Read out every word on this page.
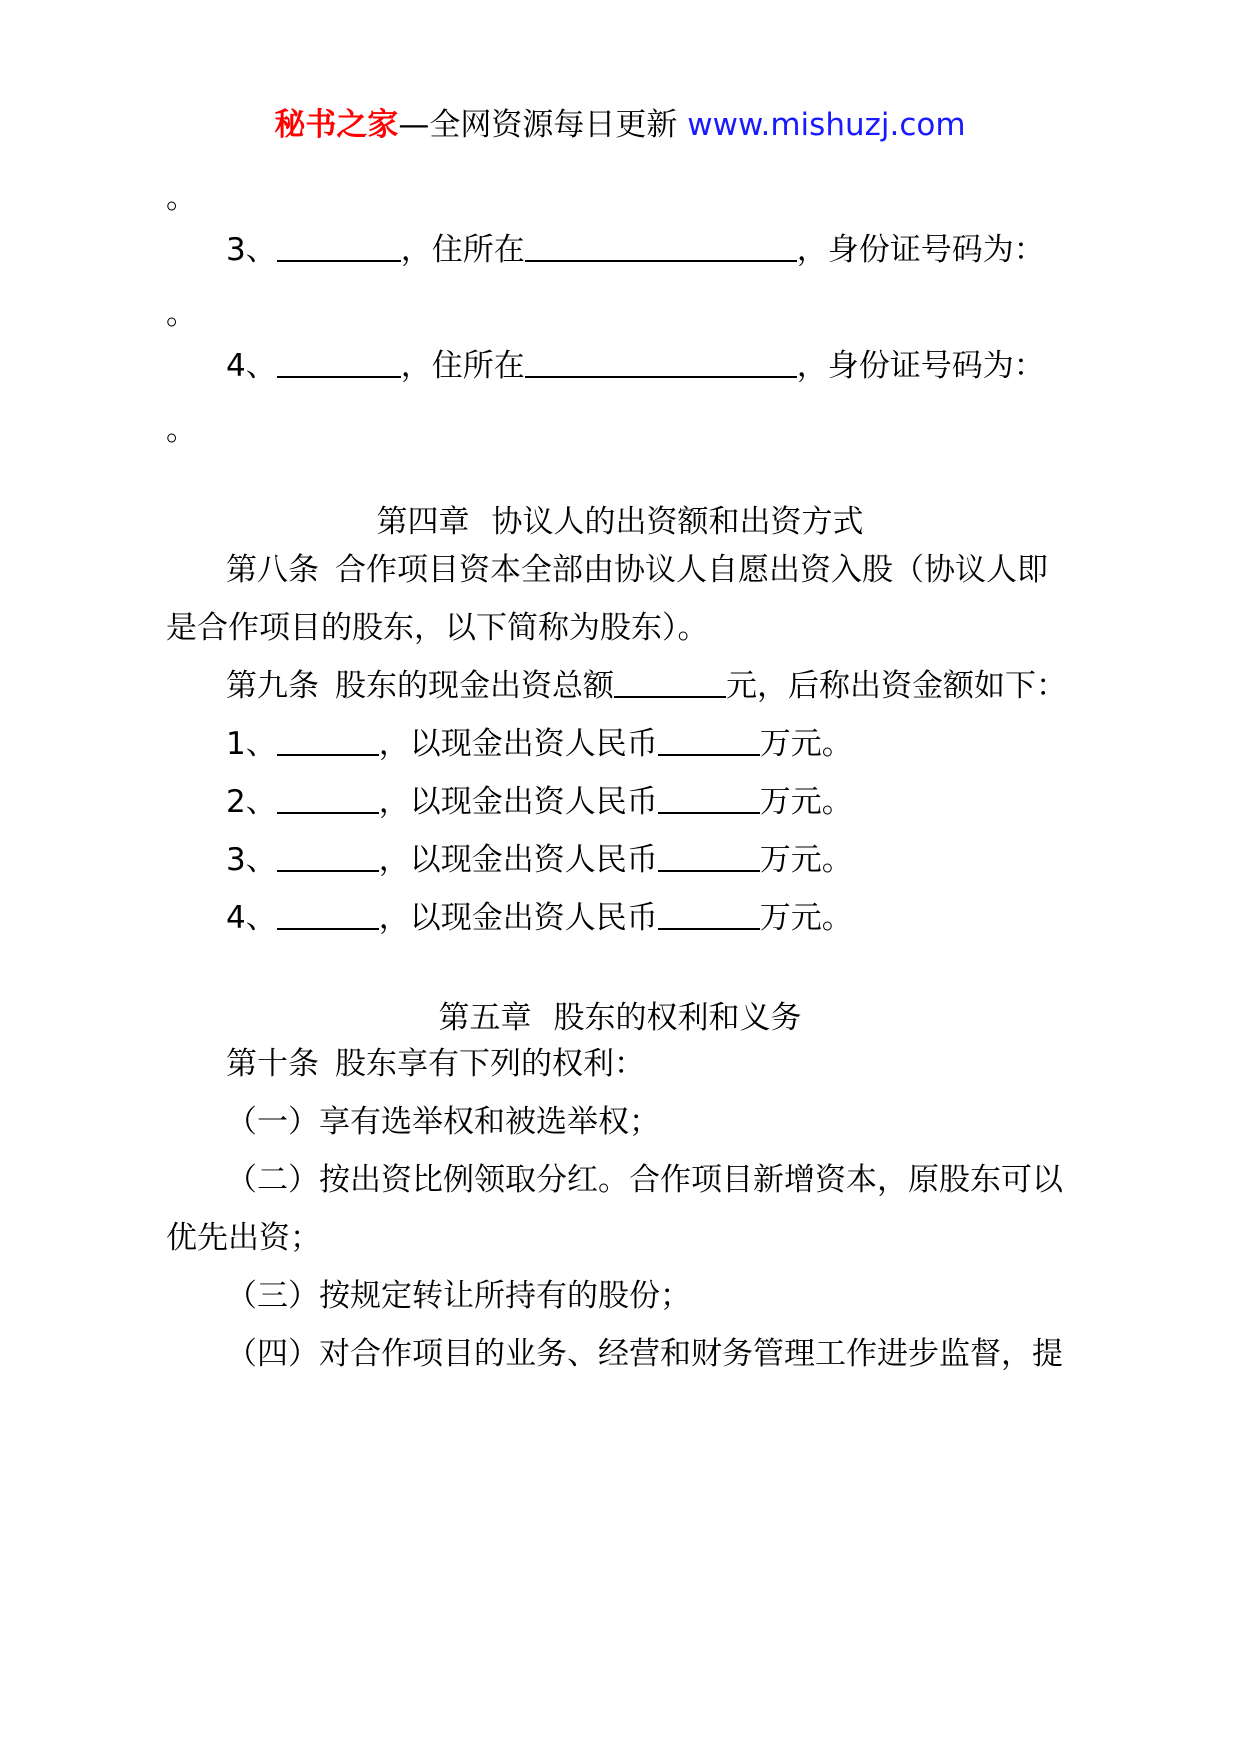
秘书之家—全网资源每日更新 www.mishuzj.com
。
3、	，住所在	，身份证号码为：
。
4、	，住所在	，身份证号码为：
。
第四章 协议人的出资额和出资方式
第八条 合作项目资本全部由协议人自愿出资入股（协议人即
是合作项目的股东，以下简称为股东）。
第九条 股东的现金出资总额	元，后称出资金额如下：
1、	，以现金出资人民币	万元。
2、	，以现金出资人民币	万元。
3、	，以现金出资人民币	万元。
4、	，以现金出资人民币	万元。
第五章 股东的权利和义务
第十条 股东享有下列的权利：
（一）享有选举权和被选举权；
（二）按出资比例领取分红。合作项目新增资本，原股东可以
优先出资；
（三）按规定转让所持有的股份；
（四）对合作项目的业务、经营和财务管理工作进步监督，提
